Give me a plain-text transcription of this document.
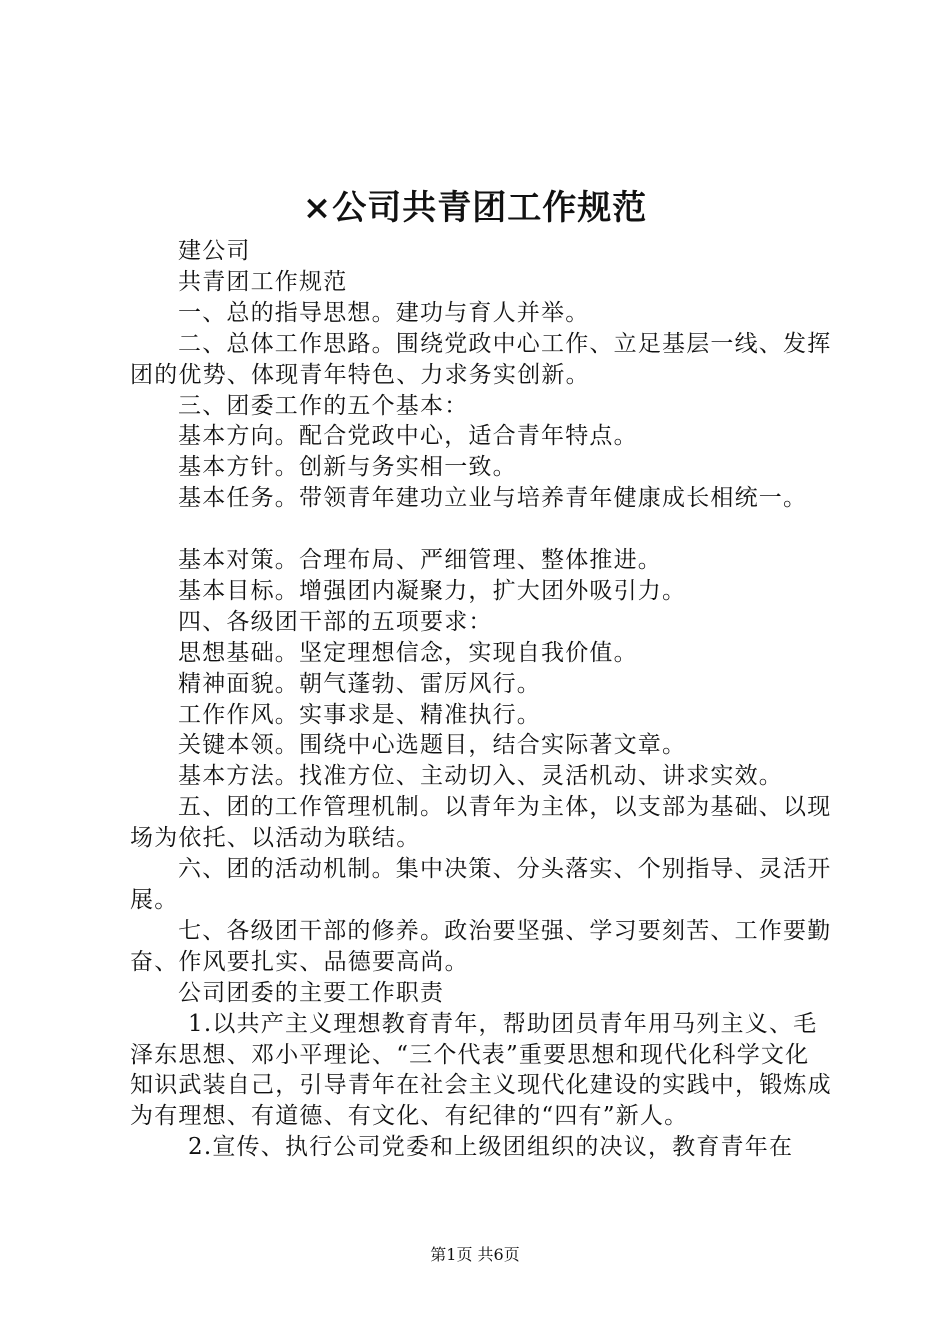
×公司共青团工作规范

建公司

共青团工作规范

一、总的指导思想。建功与育人并举。

二、总体工作思路。围绕党政中心工作、立足基层一线、发挥团的优势、体现青年特色、力求务实创新。

三、团委工作的五个基本：

基本方向。配合党政中心，适合青年特点。

基本方针。创新与务实相一致。

基本任务。带领青年建功立业与培养青年健康成长相统一。

基本对策。合理布局、严细管理、整体推进。

基本目标。增强团内凝聚力，扩大团外吸引力。

四、各级团干部的五项要求：

思想基础。坚定理想信念，实现自我价值。

精神面貌。朝气蓬勃、雷厉风行。

工作作风。实事求是、精准执行。

关键本领。围绕中心选题目，结合实际著文章。

基本方法。找准方位、主动切入、灵活机动、讲求实效。

五、团的工作管理机制。以青年为主体，以支部为基础、以现场为依托、以活动为联结。

六、团的活动机制。集中决策、分头落实、个别指导、灵活开展。

七、各级团干部的修养。政治要坚强、学习要刻苦、工作要勤奋、作风要扎实、品德要高尚。

公司团委的主要工作职责

1.以共产主义理想教育青年，帮助团员青年用马列主义、毛泽东思想、邓小平理论、“三个代表”重要思想和现代化科学文化知识武装自己，引导青年在社会主义现代化建设的实践中，锻炼成为有理想、有道德、有文化、有纪律的“四有”新人。

2.宣传、执行公司党委和上级团组织的决议，教育青年在

第1页 共6页
